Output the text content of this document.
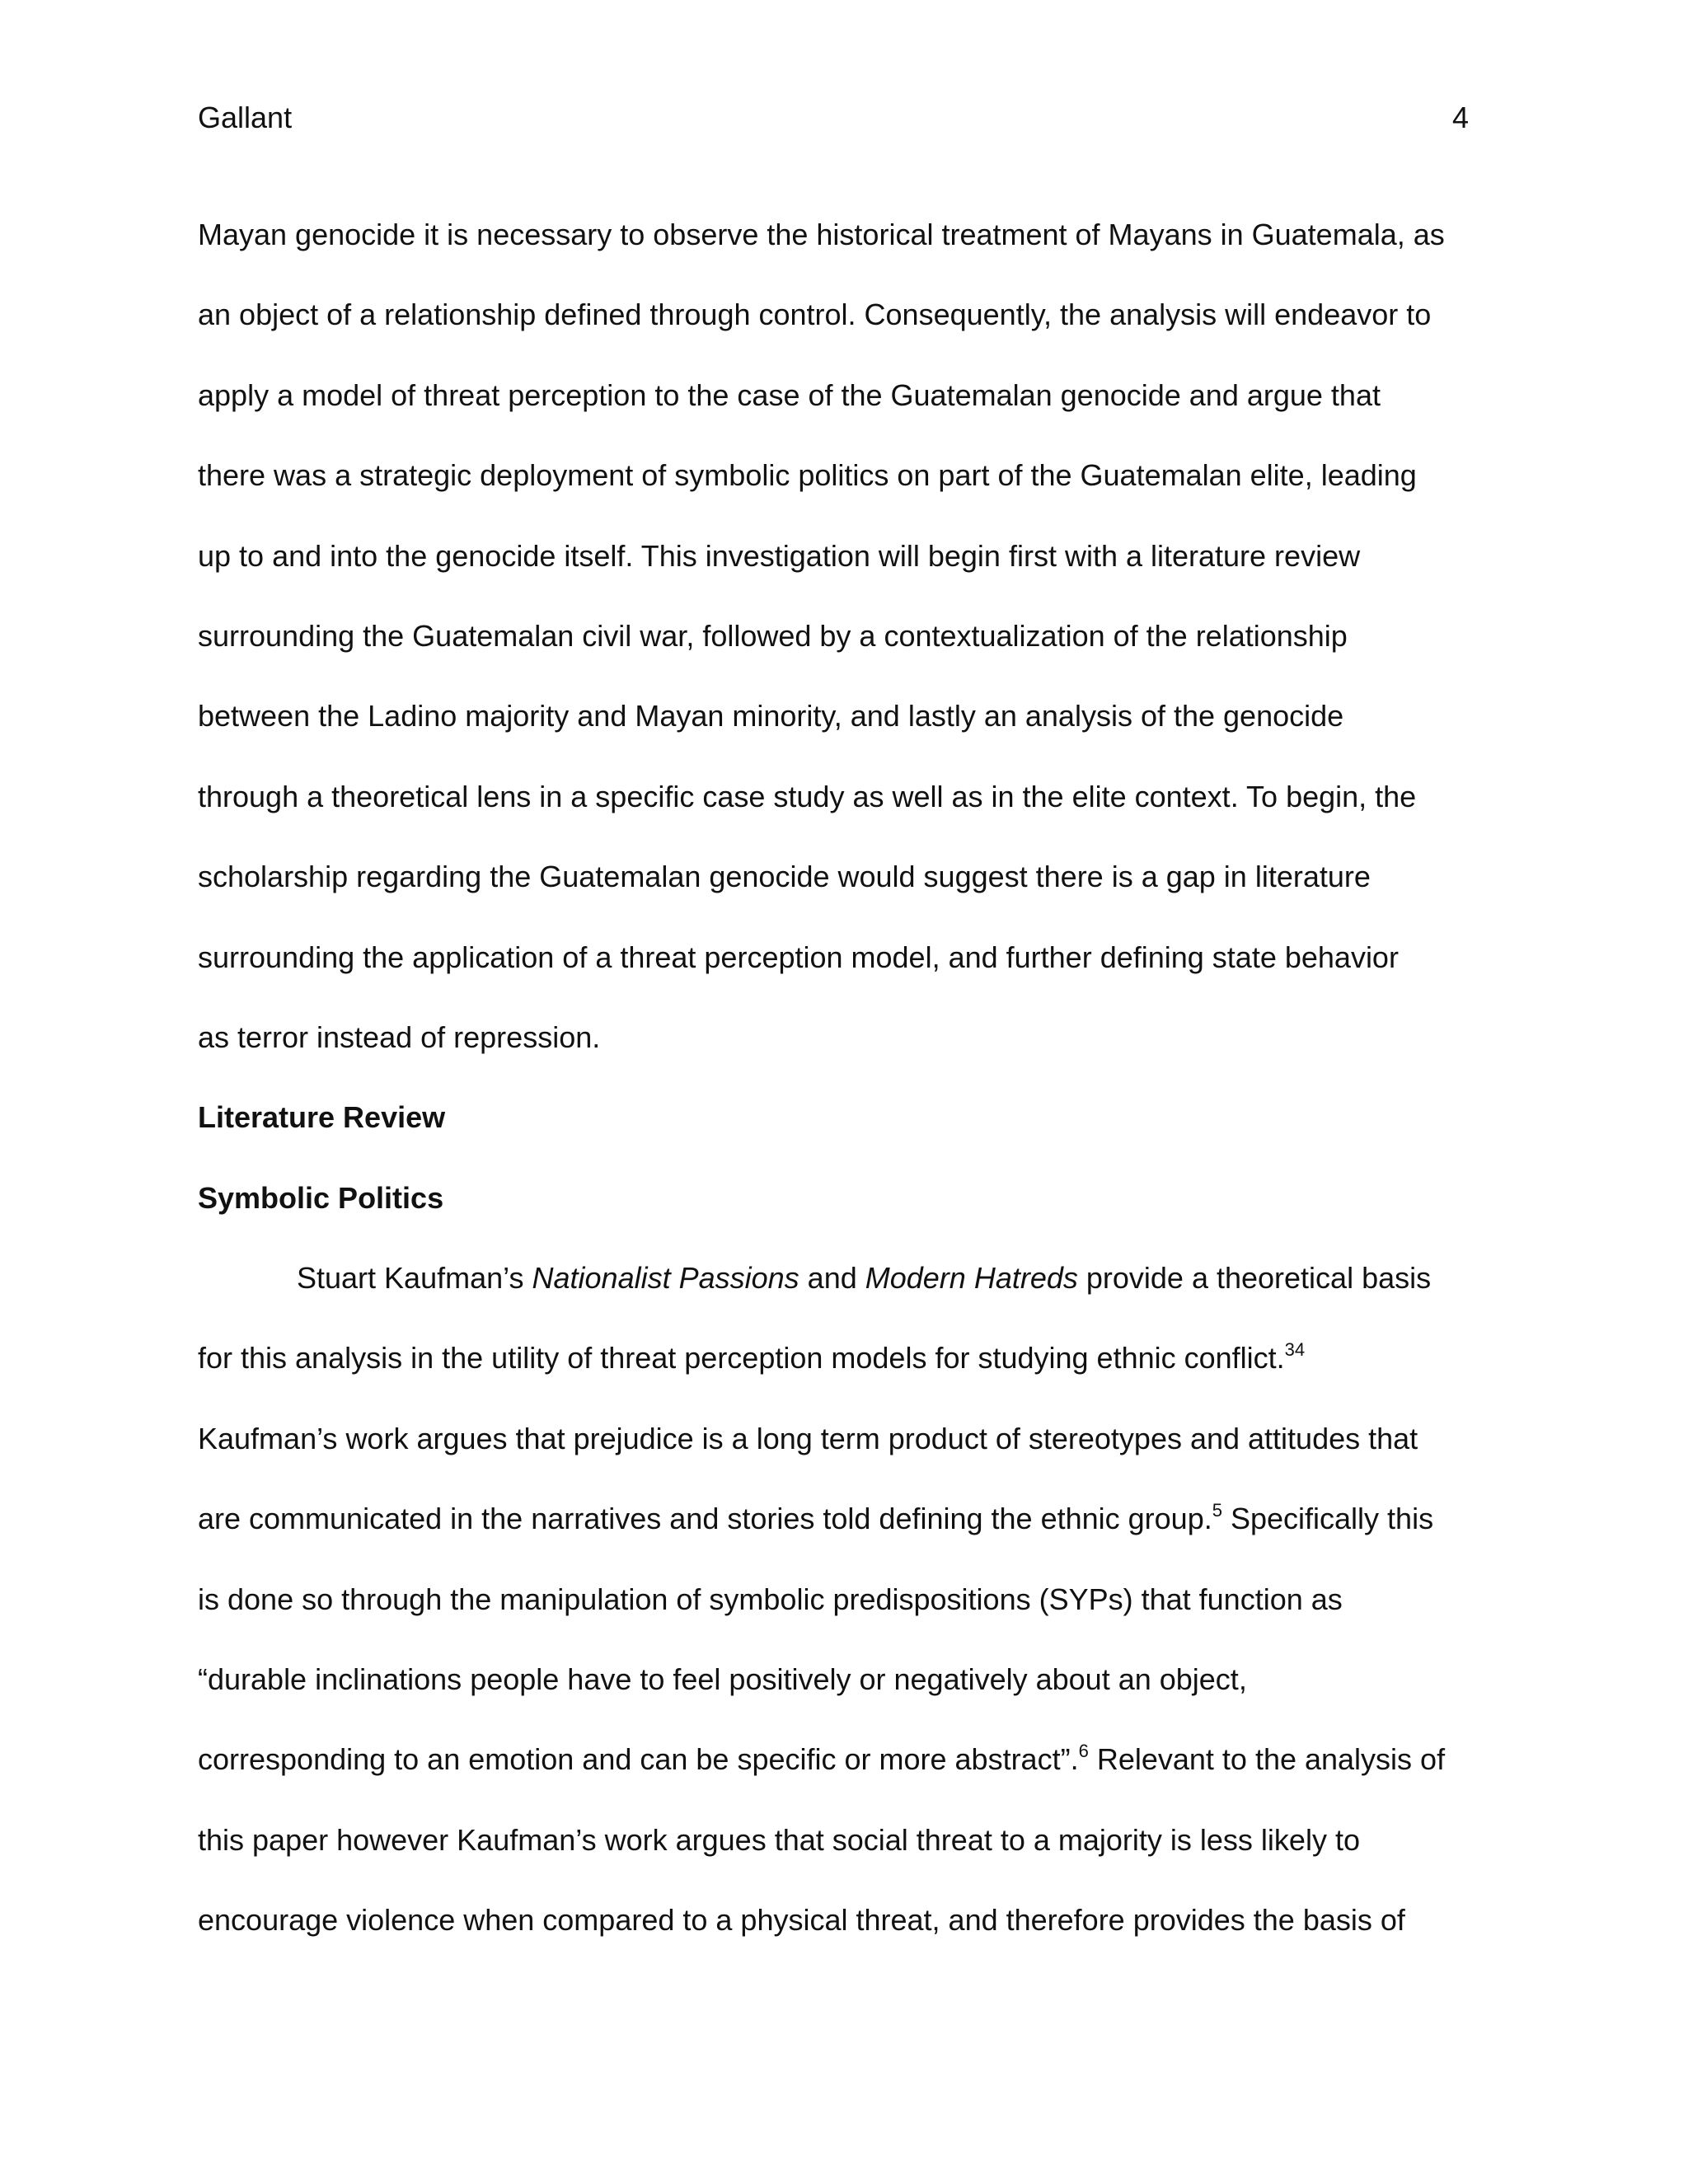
Gallant	4
Mayan genocide it is necessary to observe the historical treatment of Mayans in Guatemala, as
an object of a relationship defined through control. Consequently, the analysis will endeavor to
apply a model of threat perception to the case of the Guatemalan genocide and argue that
there was a strategic deployment of symbolic politics on part of the Guatemalan elite, leading
up to and into the genocide itself. This investigation will begin first with a literature review
surrounding the Guatemalan civil war, followed by a contextualization of the relationship
between the Ladino majority and Mayan minority, and lastly an analysis of the genocide
through a theoretical lens in a specific case study as well as in the elite context. To begin, the
scholarship regarding the Guatemalan genocide would suggest there is a gap in literature
surrounding the application of a threat perception model, and further defining state behavior
as terror instead of repression.
Literature Review
Symbolic Politics
Stuart Kaufman’s Nationalist Passions and Modern Hatreds provide a theoretical basis
for this analysis in the utility of threat perception models for studying ethnic conflict.$^{34}$
Kaufman’s work argues that prejudice is a long term product of stereotypes and attitudes that
are communicated in the narratives and stories told defining the ethnic group.$^5$ Specifically this
is done so through the manipulation of symbolic predispositions (SYPs) that function as
“durable inclinations people have to feel positively or negatively about an object,
corresponding to an emotion and can be specific or more abstract”.$^6$ Relevant to the analysis of
this paper however Kaufman’s work argues that social threat to a majority is less likely to
encourage violence when compared to a physical threat, and therefore provides the basis of
